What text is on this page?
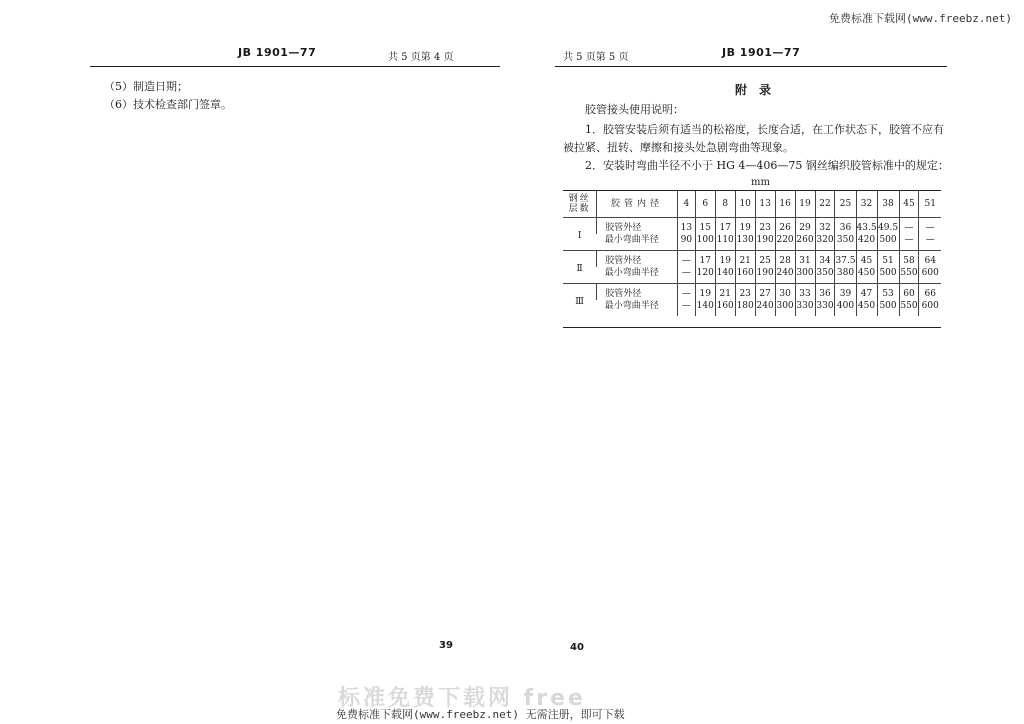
免费标准下载网(www.freebz.net)
JB 1901—77	共 5 页第 4 页
（5）制造日期；
（6）技术检查部门签章。
39
共 5 页第 5 页	JB 1901—77
附录
胶管接头使用说明：
1．胶管安装后须有适当的松裕度，长度合适，在工作状态下，胶管不应有
被拉紧、扭转、摩擦和接头处急剧弯曲等现象。
2．安装时弯曲半径不小于 HG 4—406—75 钢丝编织胶管标准中的规定：
mm
钢丝层数	胶管内径	4	6	8	10	13	16	19	22	25	32	38	45	51
Ⅰ	胶管外径	13	15	17	19	23	26	29	32	36	43.5	49.5	—	—
	最小弯曲半径	90	100	110	130	190	220	260	320	350	420	500	—	—
Ⅱ	胶管外径	—	17	19	21	25	28	31	34	37.5	45	51	58	64
	最小弯曲半径	—	120	140	160	190	240	300	350	380	450	500	550	600
Ⅲ	胶管外径	—	19	21	23	27	30	33	36	39	47	53	60	66
	最小弯曲半径	—	140	160	180	240	300	330	330	400	450	500	550	600
40
标准免费下载网 free
免费标准下载网(www.freebz.net) 无需注册，即可下载
